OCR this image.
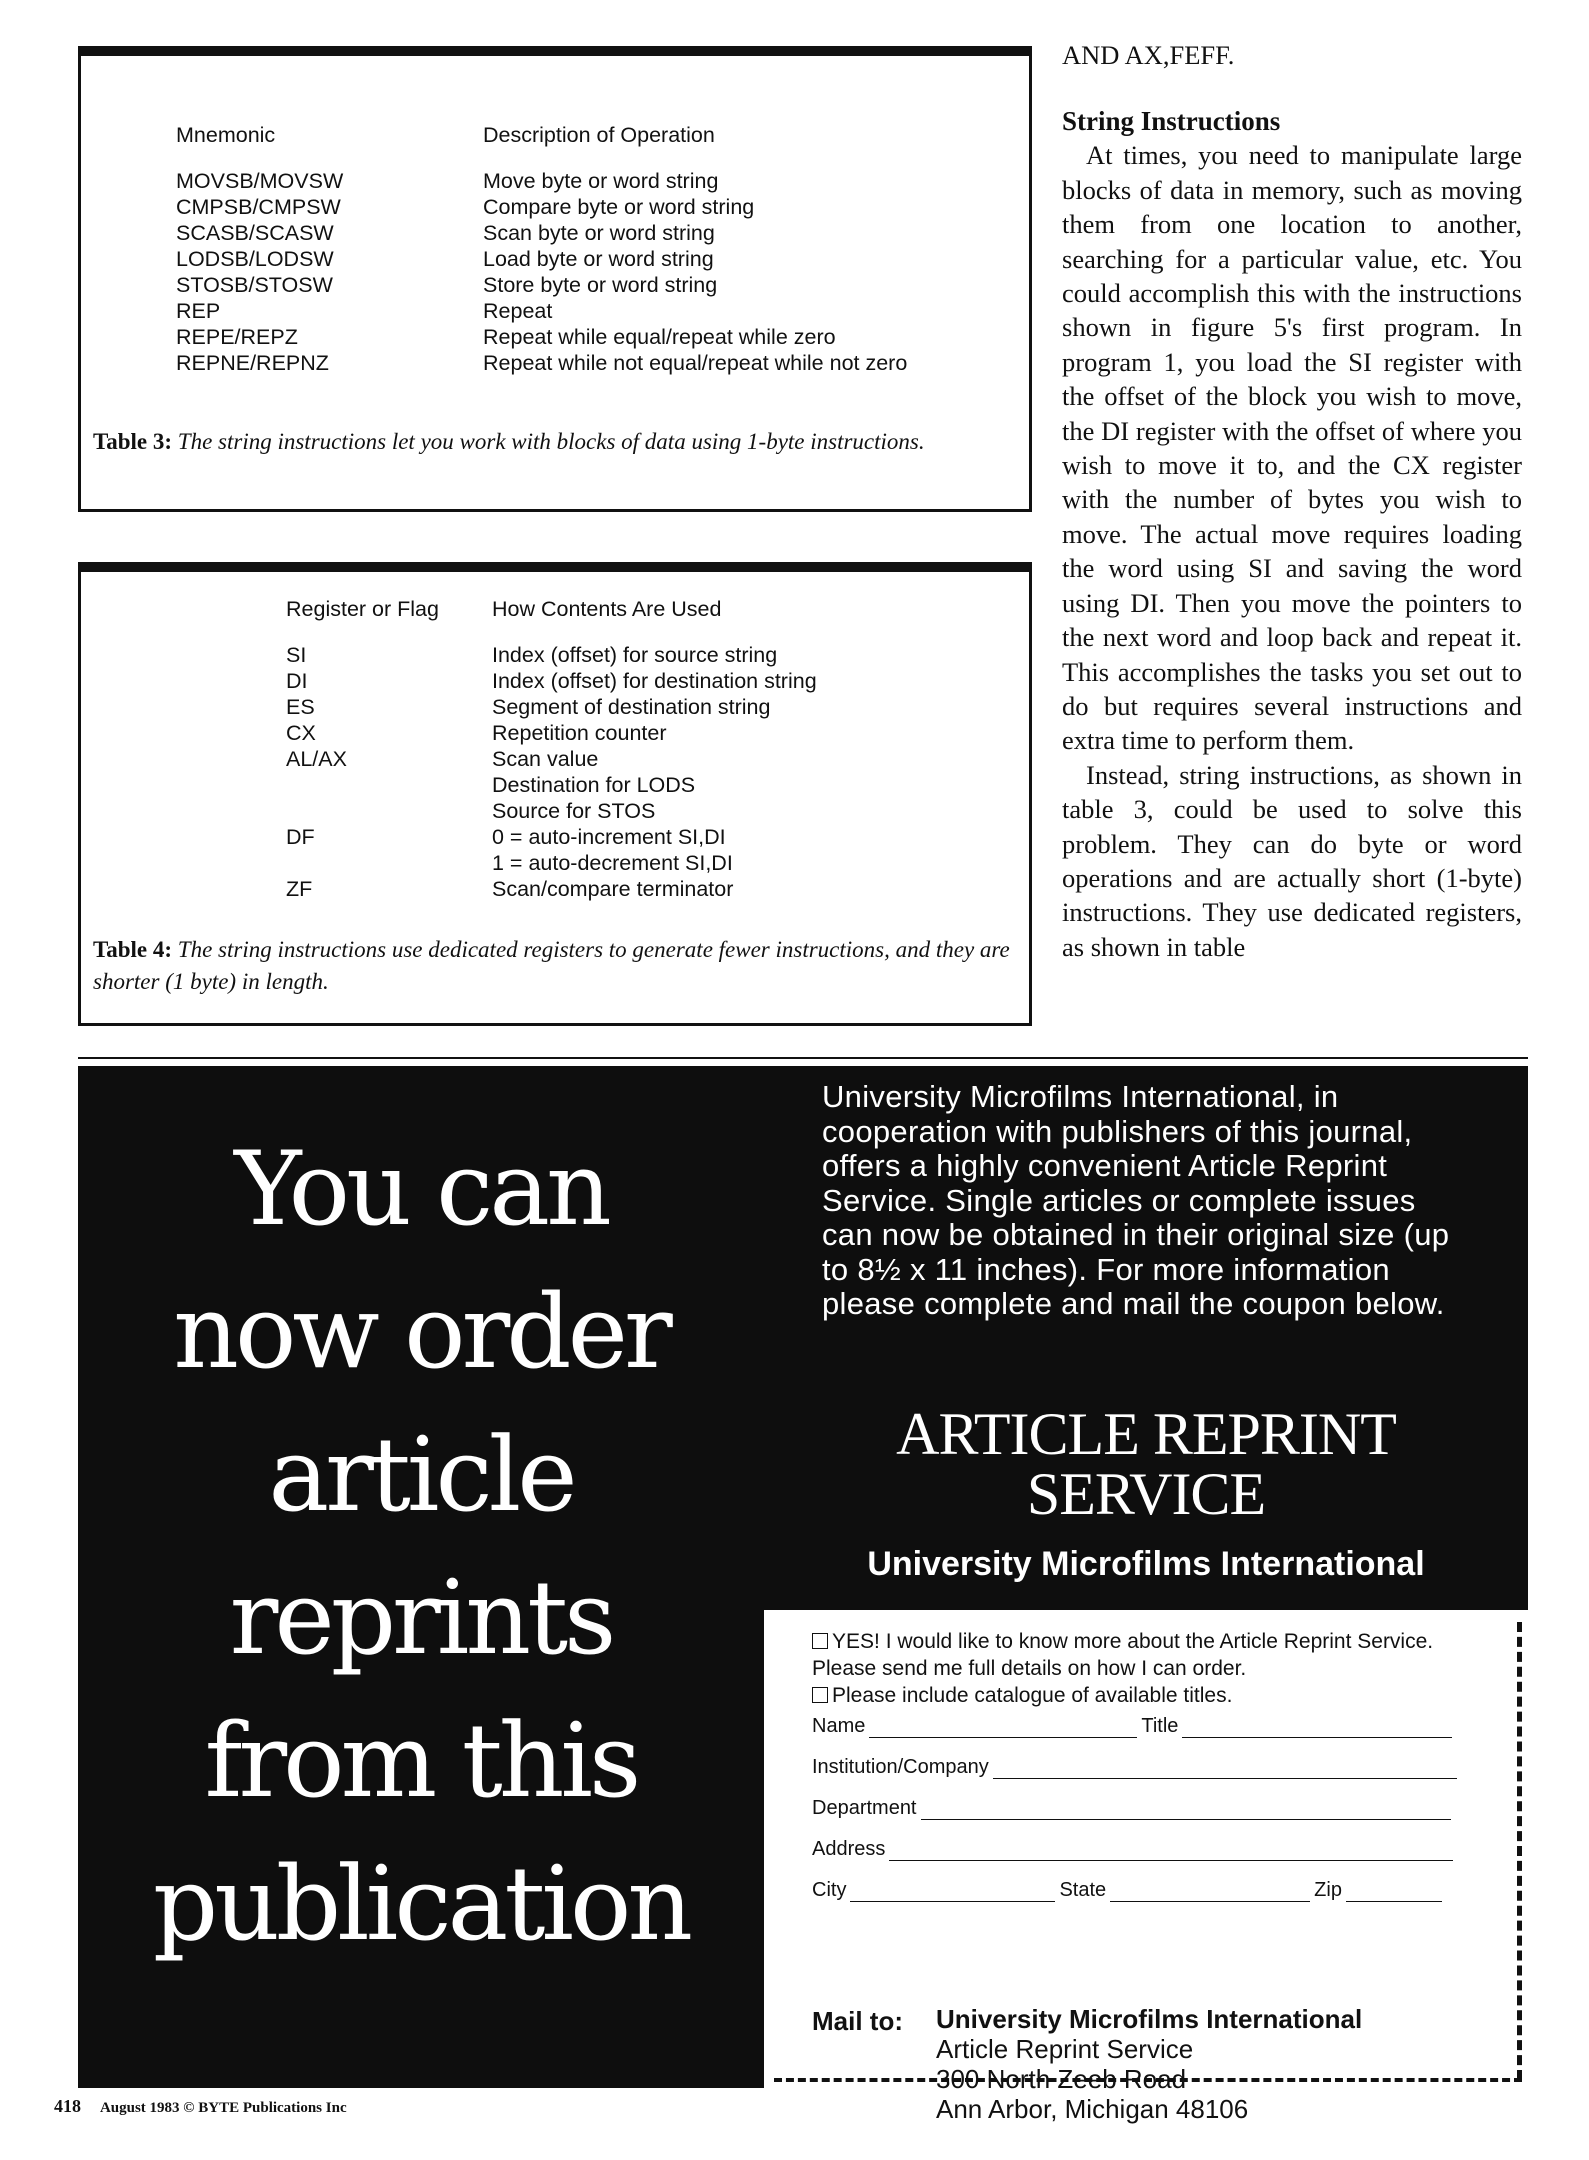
Mnemonic	Description of Operation
MOVSB/MOVSW	Move byte or word string
CMPSB/CMPSW	Compare byte or word string
SCASB/SCASW	Scan byte or word string
LODSB/LODSW	Load byte or word string
STOSB/STOSW	Store byte or word string
REP	Repeat
REPE/REPZ	Repeat while equal/repeat while zero
REPNE/REPNZ	Repeat while not equal/repeat while not zero
Table 3: The string instructions let you work with blocks of data using 1-byte instructions.
Register or Flag	How Contents Are Used
SI	Index (offset) for source string
DI	Index (offset) for destination string
ES	Segment of destination string
CX	Repetition counter
AL/AX	Scan value
Destination for LODS
Source for STOS
DF	0 = auto-increment SI,DI
1 = auto-decrement SI,DI
ZF	Scan/compare terminator
Table 4: The string instructions use dedicated registers to generate fewer instructions, and they are shorter (1 byte) in length.

AND AX,FEFF.

String Instructions

At times, you need to manipulate large blocks of data in memory, such as moving them from one location to another, searching for a particular value, etc. You could accomplish this with the instructions shown in figure 5's first program. In program 1, you load the SI register with the offset of the block you wish to move, the DI register with the offset of where you wish to move it to, and the CX register with the number of bytes you wish to move. The actual move requires loading the word using SI and saving the word using DI. Then you move the pointers to the next word and loop back and repeat it. This accomplishes the tasks you set out to do but requires several instructions and extra time to perform them.

Instead, string instructions, as shown in table 3, could be used to solve this problem. They can do byte or word operations and are actually short (1-byte) instructions. They use dedicated registers, as shown in table

You can
now order
article
reprints
from this
publication
University Microfilms International, in cooperation with publishers of this journal, offers a highly convenient Article Reprint Service. Single articles or complete issues can now be obtained in their original size (up to 8½ x 11 inches). For more information please complete and mail the coupon below.
ARTICLE REPRINT
SERVICE
University Microfilms International
YES! I would like to know more about the Article Reprint Service. Please send me full details on how I can order.
Please include catalogue of available titles.
Name	Title
Institution/Company
Department
Address
City	State	Zip
Mail to: University Microfilms International
Article Reprint Service
300 North Zeeb Road
Ann Arbor, Michigan 48106
418 August 1983 © BYTE Publications Inc
